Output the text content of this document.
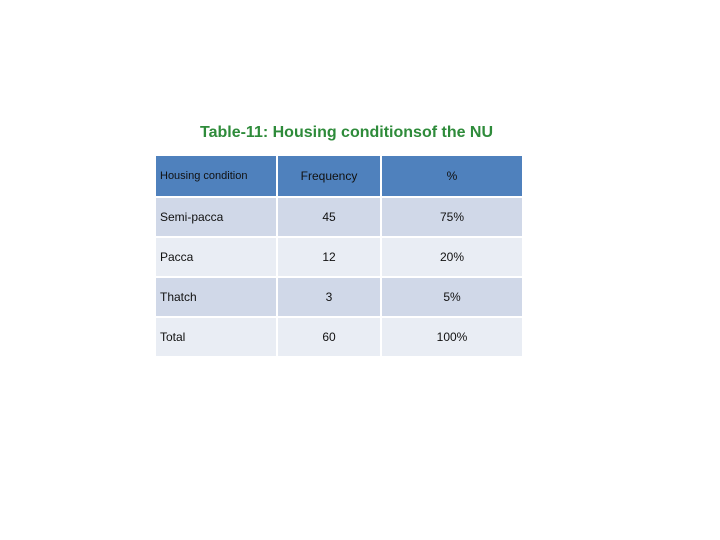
Table-11: Housing conditionsof the NU
Housing condition	Frequency	%
Semi-pacca	45	75%
Pacca	12	20%
Thatch	3	5%
Total	60	100%
